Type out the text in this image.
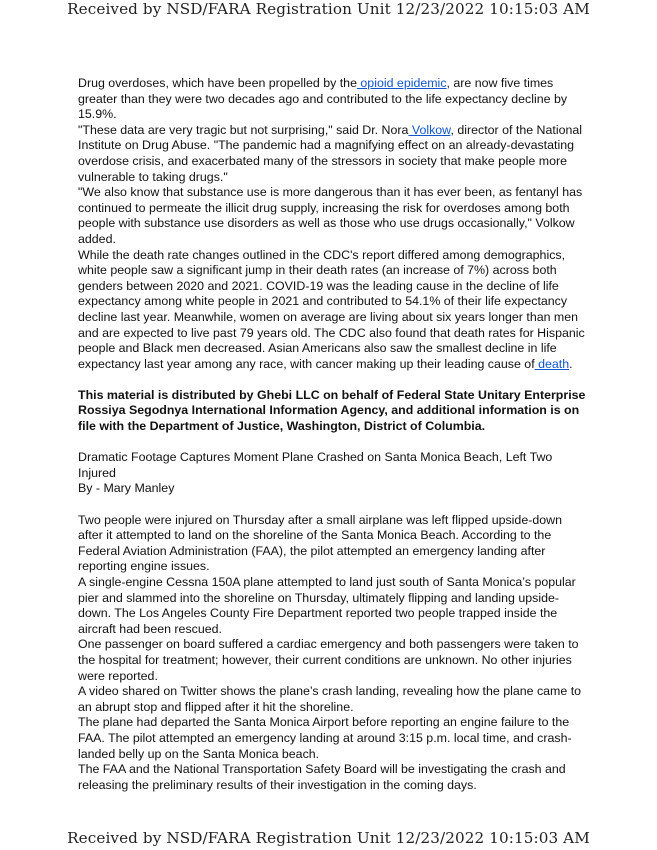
Received by NSD/FARA Registration Unit 12/23/2022 10:15:03 AM

Drug overdoses, which have been propelled by the opioid epidemic, are now five times greater than they were two decades ago and contributed to the life expectancy decline by 15.9%.

"These data are very tragic but not surprising," said Dr. Nora Volkow, director of the National Institute on Drug Abuse. "The pandemic had a magnifying effect on an already-devastating overdose crisis, and exacerbated many of the stressors in society that make people more vulnerable to taking drugs."

"We also know that substance use is more dangerous than it has ever been, as fentanyl has continued to permeate the illicit drug supply, increasing the risk for overdoses among both people with substance use disorders as well as those who use drugs occasionally," Volkow added.

While the death rate changes outlined in the CDC's report differed among demographics, white people saw a significant jump in their death rates (an increase of 7%) across both genders between 2020 and 2021. COVID-19 was the leading cause in the decline of life expectancy among white people in 2021 and contributed to 54.1% of their life expectancy decline last year. Meanwhile, women on average are living about six years longer than men and are expected to live past 79 years old. The CDC also found that death rates for Hispanic people and Black men decreased. Asian Americans also saw the smallest decline in life expectancy last year among any race, with cancer making up their leading cause of death.

This material is distributed by Ghebi LLC on behalf of Federal State Unitary Enterprise Rossiya Segodnya International Information Agency, and additional information is on file with the Department of Justice, Washington, District of Columbia.

Dramatic Footage Captures Moment Plane Crashed on Santa Monica Beach, Left Two Injured

By - Mary Manley

Two people were injured on Thursday after a small airplane was left flipped upside-down after it attempted to land on the shoreline of the Santa Monica Beach. According to the Federal Aviation Administration (FAA), the pilot attempted an emergency landing after reporting engine issues.

A single-engine Cessna 150A plane attempted to land just south of Santa Monica’s popular pier and slammed into the shoreline on Thursday, ultimately flipping and landing upside-down. The Los Angeles County Fire Department reported two people trapped inside the aircraft had been rescued.

One passenger on board suffered a cardiac emergency and both passengers were taken to the hospital for treatment; however, their current conditions are unknown. No other injuries were reported.

A video shared on Twitter shows the plane’s crash landing, revealing how the plane came to an abrupt stop and flipped after it hit the shoreline.

The plane had departed the Santa Monica Airport before reporting an engine failure to the FAA. The pilot attempted an emergency landing at around 3:15 p.m. local time, and crash-landed belly up on the Santa Monica beach.

The FAA and the National Transportation Safety Board will be investigating the crash and releasing the preliminary results of their investigation in the coming days.

Received by NSD/FARA Registration Unit 12/23/2022 10:15:03 AM
